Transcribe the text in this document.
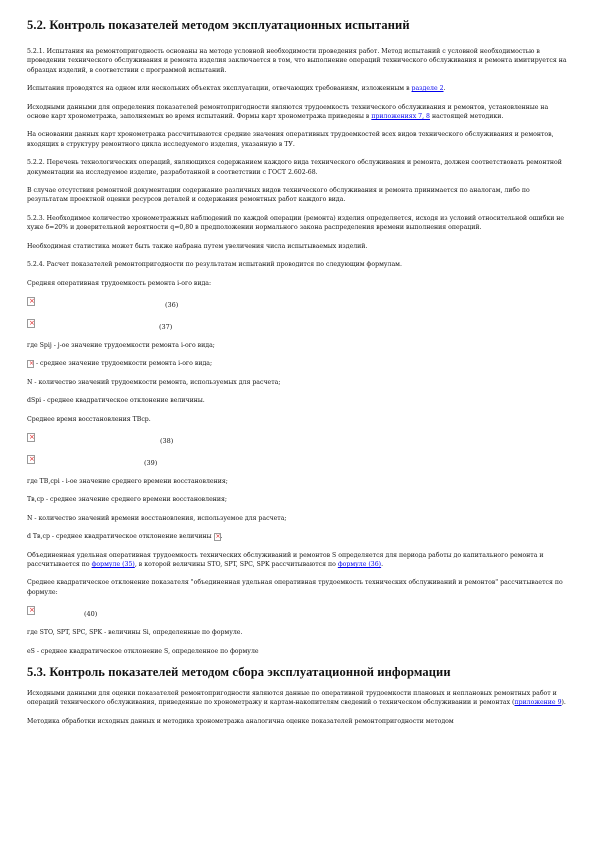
5.2. Контроль показателей методом эксплуатационных испытаний

5.2.1. Испытания на ремонтопригодность основаны на методе условной необходимости проведения работ. Метод испытаний с условной необходимостью в проведении технического обслуживания и ремонта изделия заключается в том, что выполнение операций технического обслуживания и ремонта имитируется на образцах изделий, в соответствии с программой испытаний.

Испытания проводятся на одном или нескольких объектах эксплуатации, отвечающих требованиям, изложенным в разделе 2.

Исходными данными для определения показателей ремонтопригодности являются трудоемкость технического обслуживания и ремонтов, установленные на основе карт хронометража, заполняемых во время испытаний. Формы карт хронометража приведены в приложениях 7, 8 настоящей методики.

На основании данных карт хронометража рассчитываются средние значения оперативных трудоемкостей всех видов технического обслуживания и ремонтов, входящих в структуру ремонтного цикла исследуемого изделия, указанную в ТУ.

5.2.2. Перечень технологических операций, являющихся содержанием каждого вида технического обслуживания и ремонта, должен соответствовать ремонтной документации на исследуемое изделие, разработанной в соответствии с ГОСТ 2.602-68.

В случае отсутствия ремонтной документации содержание различных видов технического обслуживания и ремонта принимается по аналогам, либо по результатам проектной оценки ресурсов деталей и содержания ремонтных работ каждого вида.

5.2.3. Необходимое количество хронометражных наблюдений по каждой операции (ремонта) изделия определяется, исходя из условий относительной ошибки не хуже δ=20% и доверительной вероятности q=0,80 в предположении нормального закона распределения времени выполнения операций.

Необходимая статистика может быть также набрана путем увеличения числа испытываемых изделий.

5.2.4. Расчет показателей ремонтопригодности по результатам испытаний проводится по следующим формулам.

Средняя оперативная трудоемкость ремонта i-ого вида:

×
(36)
×
(37)

где Spij - j-ое значение трудоемкости ремонта i-ого вида;

× - среднее значение трудоемкости ремонта i-ого вида;

N - количество значений трудоемкости ремонта, используемых для расчета;

dSpi - среднее квадратическое отклонение величины.

Среднее время восстановления ТВср.

×
(38)
×
(39)

где ТВ,срi - i-ое значение среднего времени восстановления;

Тв,ср - среднее значение среднего времени восстановления;

N - количество значений времени восстановления, используемое для расчета;

d Тв,ср - среднее квадратическое отклонение величины ×.

Объединенная удельная оперативная трудоемкость технических обслуживаний и ремонтов S определяется для периода работы до капитального ремонта и рассчитывается по формуле (35), в которой величины STO, SPT, SPC, SPK рассчитываются по формуле (36).

Среднее квадратическое отклонение показателя "объединенная удельная оперативная трудоемкость технических обслуживаний и ремонтов" рассчитывается по формуле:

×
(40)

где STO, SPT, SPC, SPK - величины Si, определенные по формуле.

eS - среднее квадратическое отклонение S, определенное по формуле

5.3. Контроль показателей методом сбора эксплуатационной информации

Исходными данными для оценки показателей ремонтопригодности являются данные по оперативной трудоемкости плановых и неплановых ремонтных работ и операций технического обслуживания, приведенные по хронометражу и картам-накопителям сведений о техническом обслуживании и ремонтах (приложение 9).

Методика обработки исходных данных и методика хронометража аналогична оценке показателей ремонтопригодности методом
